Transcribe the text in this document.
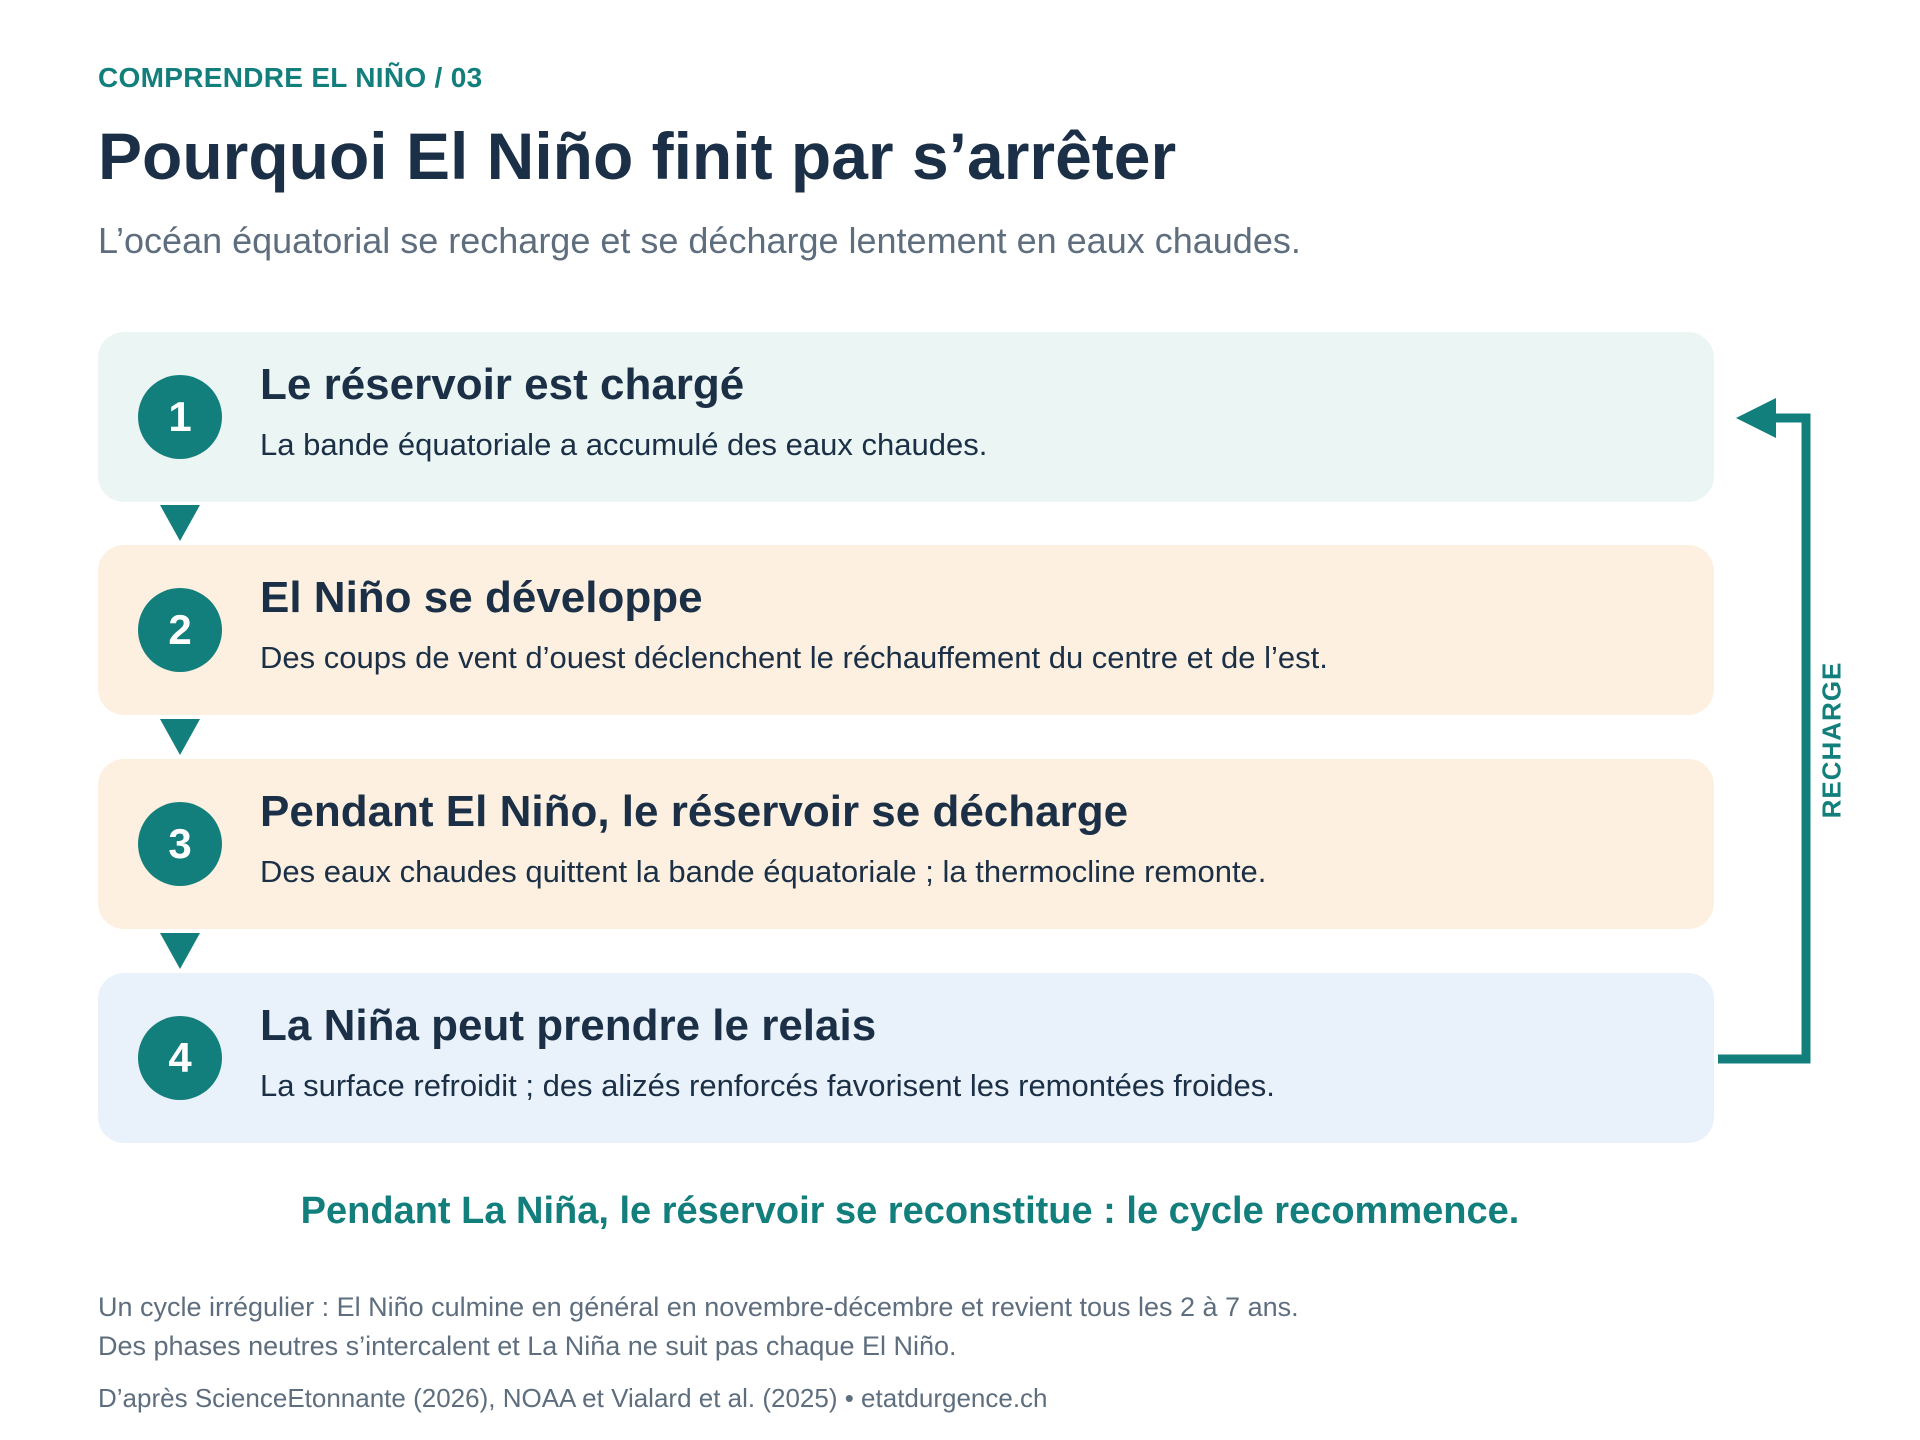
COMPRENDRE EL NIÑO / 03
Pourquoi El Niño finit par s’arrêter
L’océan équatorial se recharge et se décharge lentement en eaux chaudes.
1
Le réservoir est chargé
La bande équatoriale a accumulé des eaux chaudes.
2
El Niño se développe
Des coups de vent d’ouest déclenchent le réchauffement du centre et de l’est.
3
Pendant El Niño, le réservoir se décharge
Des eaux chaudes quittent la bande équatoriale ; la thermocline remonte.
4
La Niña peut prendre le relais
La surface refroidit ; des alizés renforcés favorisent les remontées froides.
RECHARGE
Pendant La Niña, le réservoir se reconstitue : le cycle recommence.
Un cycle irrégulier : El Niño culmine en général en novembre-décembre et revient tous les 2 à 7 ans.
Des phases neutres s’intercalent et La Niña ne suit pas chaque El Niño.
D’après ScienceEtonnante (2026), NOAA et Vialard et al. (2025) • etatdurgence.ch
